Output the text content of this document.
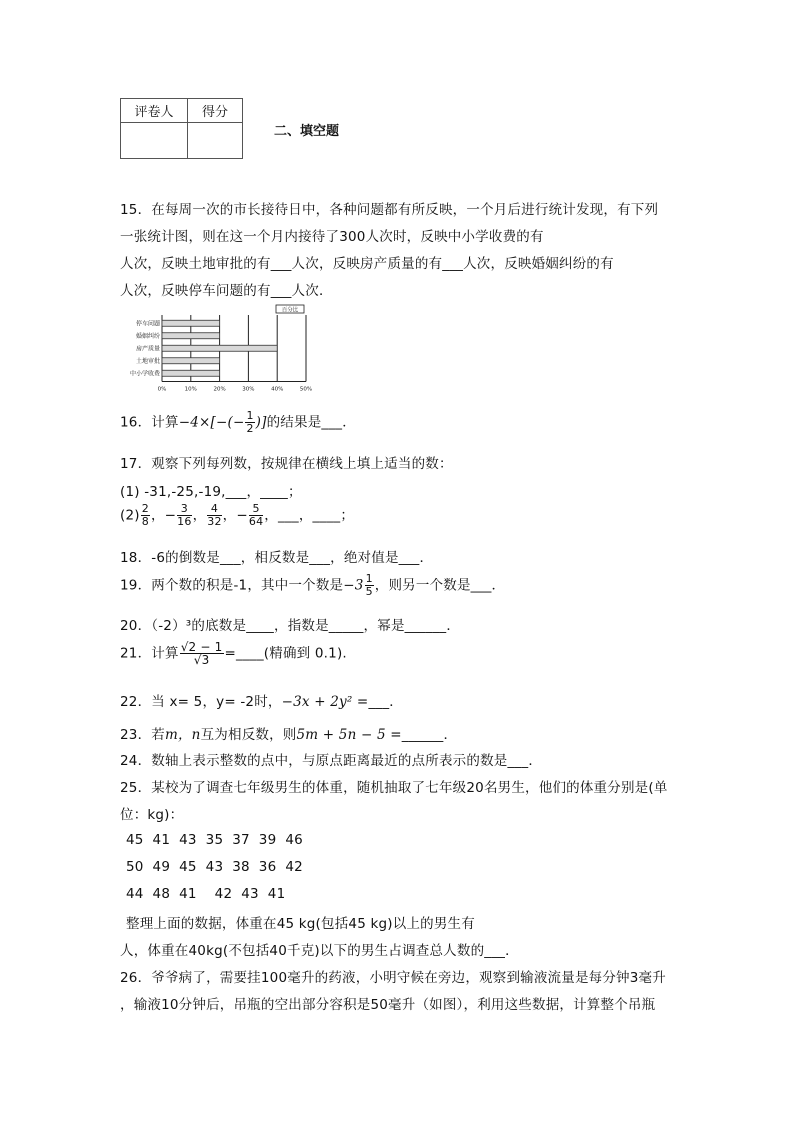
评卷人	得分

二、填空题
15．在每周一次的市长接待日中，各种问题都有所反映，一个月后进行统计发现，有下列
一张统计图，则在这一个月内接待了300人次时，反映中小学收费的有
人次，反映土地审批的有___人次，反映房产质量的有___人次，反映婚姻纠纷的有
人次，反映停车问题的有___人次．
0%	10%	20%	30%	40%	50%
停车问题
婚姻纠纷
房产质量
土地审批
中小学收费
百分比
16．计算$-4\times[-(- \frac{1}{2}$ )]的结果是___．
17．观察下列每列数，按规律在横线上填上适当的数：
(1) -31,-25,-19,___，____；
$(2) \frac{2}{8}$ ，− $\frac{3}{16}$ ， $\frac{4}{32}$ ，− $\frac{5}{64}$ ，___，____；
18．-6的倒数是___，相反数是___，绝对值是___．
19．两个数的积是-1，其中一个数是$-3 \frac{1}{5}$ ，则另一个数是___．
20．（-2）³的底数是____，指数是_____，幂是______．
21．计算 $\frac{√2 - 1}{√3}$ =____(精确到 0.1).
22．当 x= 5，y= -2时，−3x + 2y² =___．
23．若m，n互为相反数，则5m + 5n − 5 =______．
24．数轴上表示整数的点中，与原点距离最近的点所表示的数是___．
25．某校为了调查七年级男生的体重，随机抽取了七年级20名男生，他们的体重分别是(单
位：kg)：
45  41  43  35  37  39  46
50  49  45  43  38  36  42
44  48  41    42  43  41
整理上面的数据，体重在45 kg(包括45 kg)以上的男生有
人，体重在40kg(不包括40千克)以下的男生占调查总人数的___．
26．爷爷病了，需要挂100毫升的药液，小明守候在旁边，观察到输液流量是每分钟3毫升
，输液10分钟后，吊瓶的空出部分容积是50毫升（如图），利用这些数据，计算整个吊瓶
